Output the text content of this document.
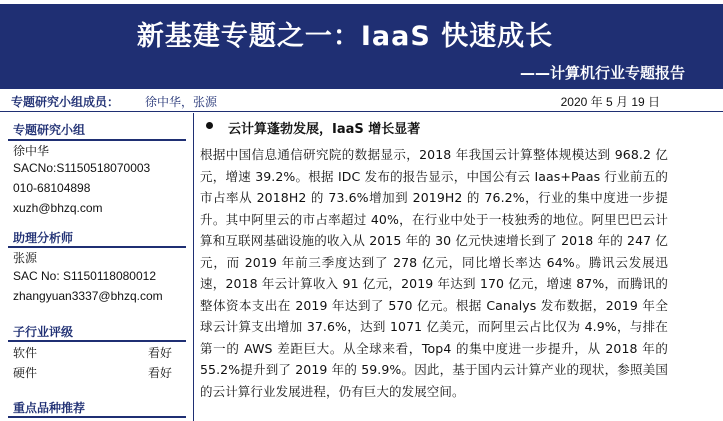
新基建专题之一：IaaS 快速成长
——计算机行业专题报告
专题研究小组成员： 徐中华，张源	2020 年 5 月 19 日
专题研究小组
徐中华
SACNo:S1150518070003
010-68104898
xuzh@bhzq.com
助理分析师
张源
SAC No: S1150118080012
zhangyuan3337@bhzq.com
子行业评级
软件	看好
硬件	看好
重点品种推荐
云计算蓬勃发展，IaaS 增长显著
根据中国信息通信研究院的数据显示，2018 年我国云计算整体规模达到 968.2 亿元，增速 39.2%。根据 IDC 发布的报告显示，中国公有云 Iaas+Paas 行业前五的市占率从 2018H2 的 73.6%增加到 2019H2 的 76.2%，行业的集中度进一步提升。其中阿里云的市占率超过 40%，在行业中处于一枝独秀的地位。阿里巴巴云计算和互联网基础设施的收入从 2015 年的 30 亿元快速增长到了 2018 年的 247 亿元，而 2019 年前三季度达到了 278 亿元，同比增长率达 64%。腾讯云发展迅速，2018 年云计算收入 91 亿元，2019 年达到 170 亿元，增速 87%，而腾讯的整体资本支出在 2019 年达到了 570 亿元。根据 Canalys 发布数据，2019 年全球云计算支出增加 37.6%，达到 1071 亿美元，而阿里云占比仅为 4.9%，与排在第一的 AWS 差距巨大。从全球来看，Top4 的集中度进一步提升，从 2018 年的 55.2%提升到了 2019 年的 59.9%。因此，基于国内云计算产业的现状，参照美国的云计算行业发展进程，仍有巨大的发展空间。
